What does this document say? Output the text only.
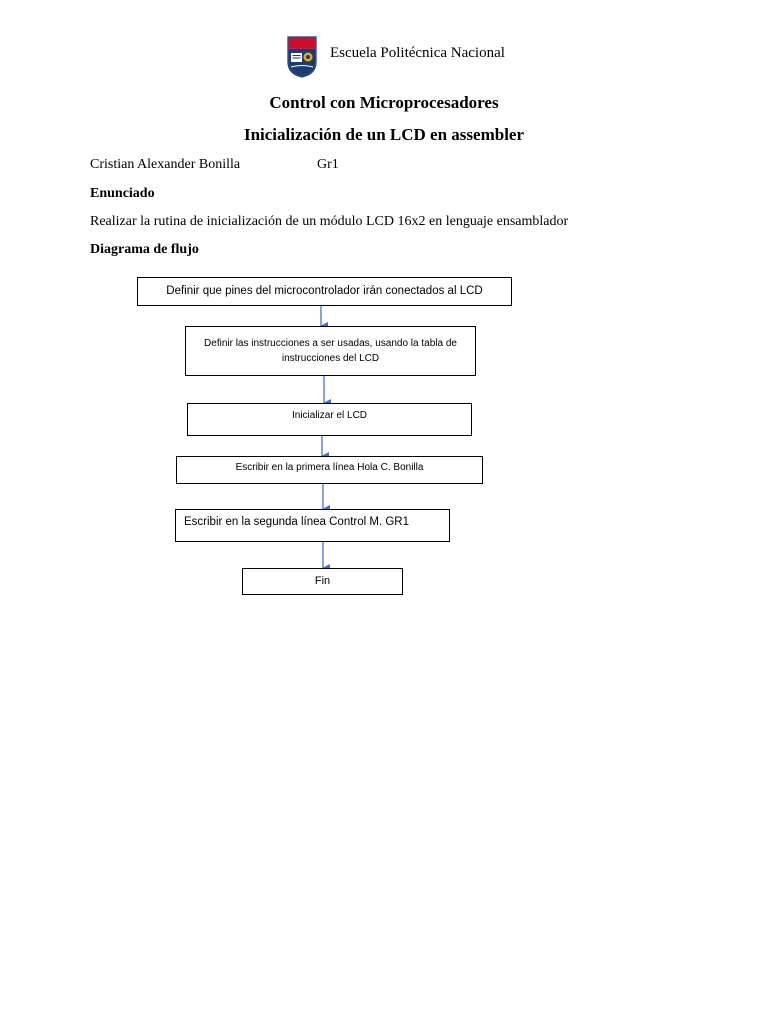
Escuela Politécnica Nacional
Control con Microprocesadores
Inicialización de un LCD en assembler
Cristian Alexander Bonilla	Gr1
Enunciado
Realizar la rutina de inicialización de un módulo LCD 16x2 en lenguaje ensamblador
Diagrama de flujo
Definir que pines del microcontrolador irán conectados al LCD
Definir las instrucciones a ser usadas, usando la tabla de instrucciones del LCD
Inicializar el LCD
Escribir en la primera línea Hola C. Bonilla
Escribir en la segunda línea Control M. GR1
Fin
